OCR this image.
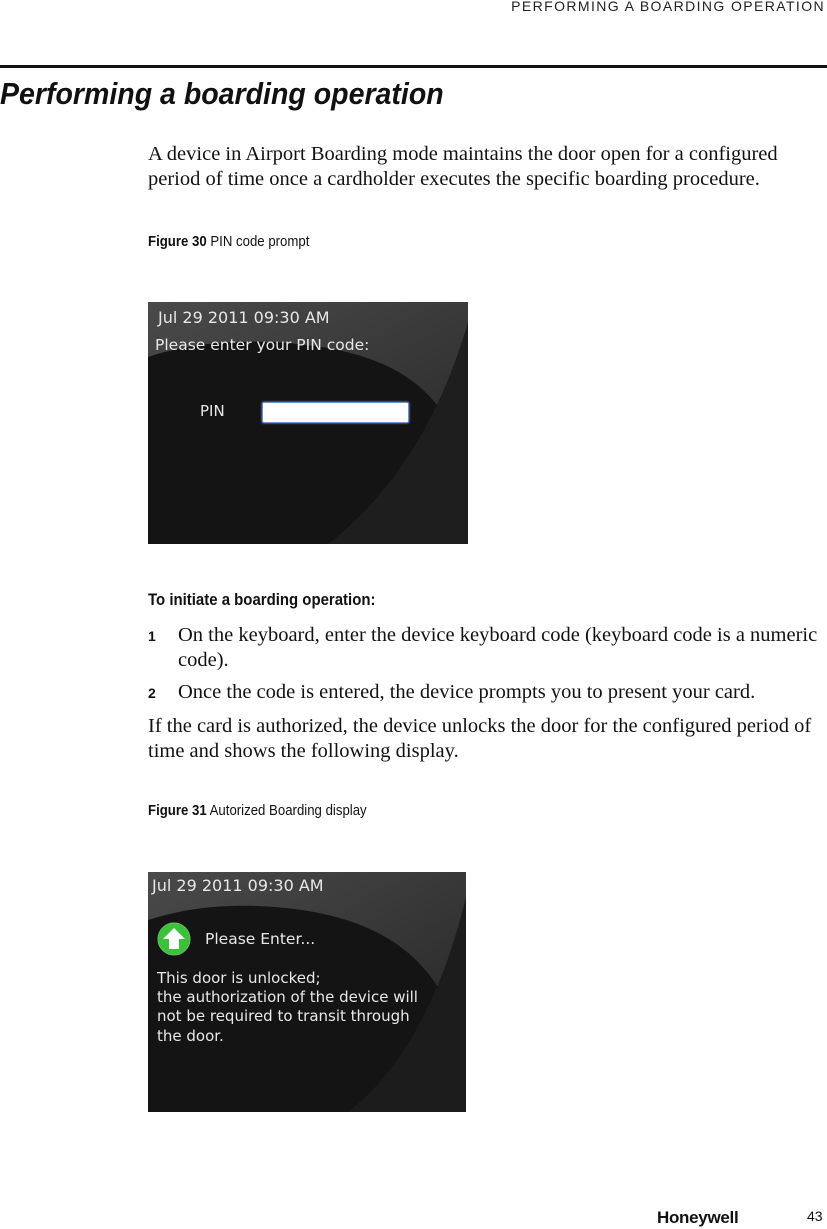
PERFORMING A BOARDING OPERATION
Performing a boarding operation

A device in Airport Boarding mode maintains the door open for a configured period of time once a cardholder executes the specific boarding procedure.

Figure 30 PIN code prompt
Jul 29 2011 09:30 AM
Please enter your PIN code:
PIN
To initiate a boarding operation:
1 On the keyboard, enter the device keyboard code (keyboard code is a numeric code).

2 Once the code is entered, the device prompts you to present your card.

If the card is authorized, the device unlocks the door for the configured period of time and shows the following display.

Figure 31 Autorized Boarding display
Jul 29 2011 09:30 AM
Please Enter...
This door is unlocked;
the authorization of the device will
not be required to transit through
the door.
Honeywell	43
